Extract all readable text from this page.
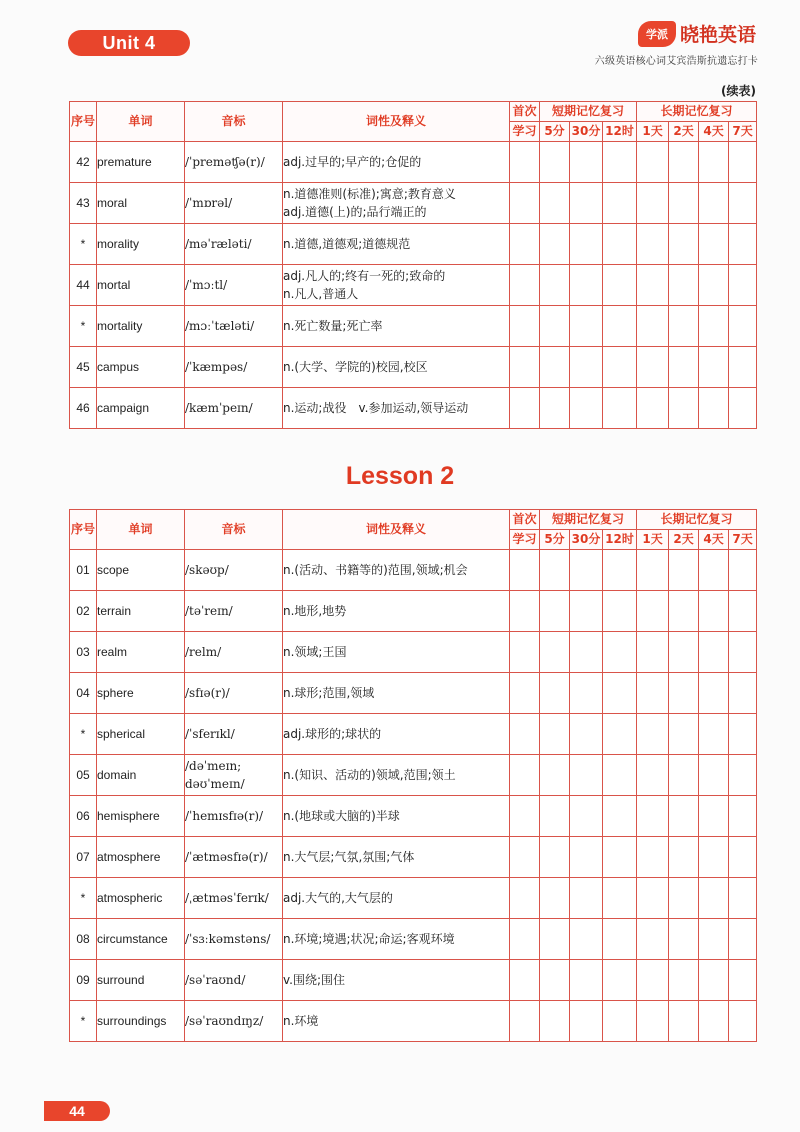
Unit 4	学派 晓艳英语
六级英语核心词艾宾浩斯抗遗忘打卡
(续表)
序号	单词	音标	词性及释义	首次	短期记忆复习			长期记忆复习			
				学习	5分	30分	12时	1天	2天	4天	7天
42	premature	/ˈpreməʧə(r)/	adj.过早的;早产的;仓促的								
43	moral	/ˈmɒrəl/	n.道德准则(标准);寓意;教育意义
adj.道德(上)的;品行端正的								
*	morality	/məˈræləti/	n.道德,道德观;道德规范								
44	mortal	/ˈmɔːtl/	adj.凡人的;终有一死的;致命的
n.凡人,普通人								
*	mortality	/mɔːˈtæləti/	n.死亡数量;死亡率								
45	campus	/ˈkæmpəs/	n.(大学、学院的)校园,校区								
46	campaign	/kæmˈpeɪn/	n.运动;战役　v.参加运动,领导运动								
Lesson 2
序号	单词	音标	词性及释义	首次	短期记忆复习			长期记忆复习			
				学习	5分	30分	12时	1天	2天	4天	7天
01	scope	/skəʊp/	n.(活动、书籍等的)范围,领域;机会								
02	terrain	/təˈreɪn/	n.地形,地势								
03	realm	/relm/	n.领域;王国								
04	sphere	/sfɪə(r)/	n.球形;范围,领域								
*	spherical	/ˈsferɪkl/	adj.球形的;球状的								
05	domain	/dəˈmeɪn;
dəʊˈmeɪn/	n.(知识、活动的)领域,范围;领土								
06	hemisphere	/ˈhemɪsfɪə(r)/	n.(地球或大脑的)半球								
07	atmosphere	/ˈætməsfɪə(r)/	n.大气层;气氛,氛围;气体								
*	atmospheric	/ˌætməsˈferɪk/	adj.大气的,大气层的								
08	circumstance	/ˈsɜːkəmstəns/	n.环境;境遇;状况;命运;客观环境								
09	surround	/səˈraʊnd/	v.围绕;围住								
*	surroundings	/səˈraʊndɪŋz/	n.环境								
44
